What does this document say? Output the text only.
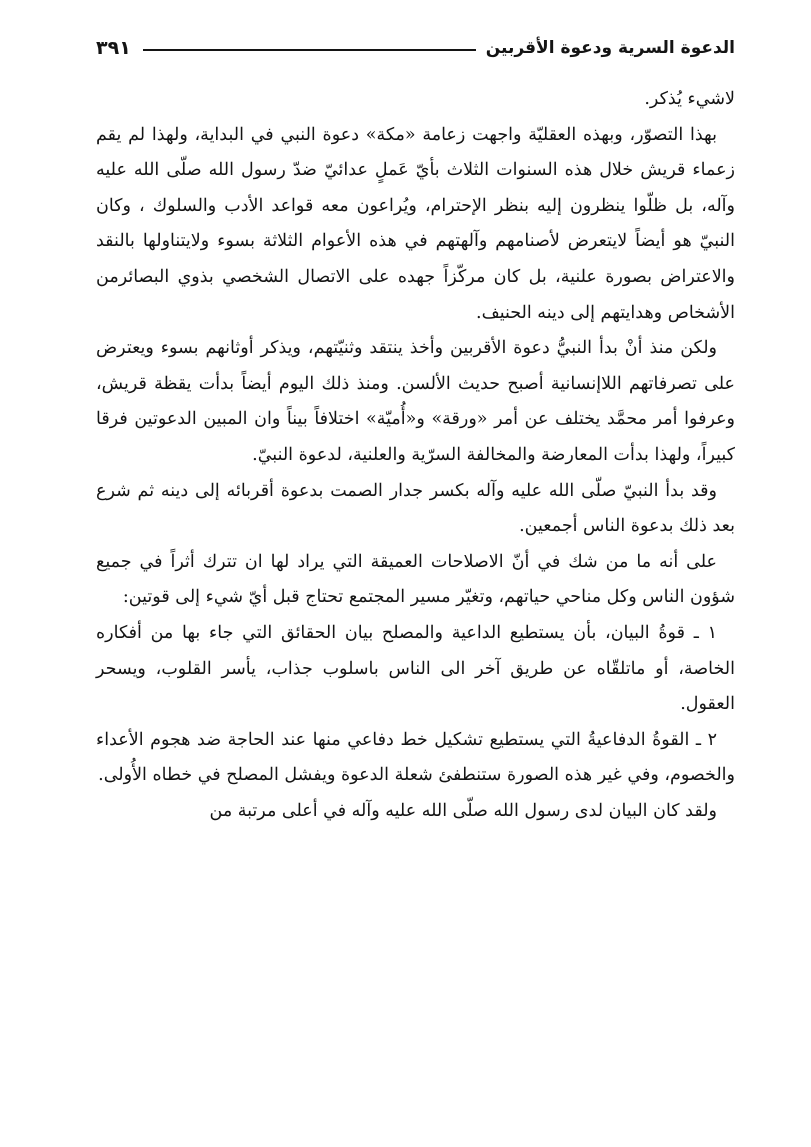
الدعوة السرية ودعوة الأقربين
٣٩١

لاشيء يُذكر.

بهذا التصوّر، وبهذه العقليّة واجهت زعامة «مكة» دعوة النبي في البداية، ولهذا لم يقم زعماء قريش خلال هذه السنوات الثلاث بأيّ عَملٍ عدائيّ ضدّ رسول الله صلّى الله عليه وآله، بل ظلّوا ينظرون إليه بنظر الإحترام، ويُراعون معه قواعد الأدب والسلوك ، وكان النبيّ هو أيضاً لايتعرض لأصنامهم وآلهتهم في هذه الأعوام الثلاثة بسوء ولايتناولها بالنقد والاعتراض بصورة علنية، بل كان مركّزاً جهده على الاتصال الشخصي بذوي البصائرمن الأشخاص وهدايتهم إلى دينه الحنيف.

ولكن منذ أنْ بدأ النبيُّ دعوة الأقربين وأخذ ينتقد وثنيّتهم، ويذكر أوثانهم بسوء ويعترض على تصرفاتهم اللاإنسانية أصبح حديث الألسن. ومنذ ذلك اليوم أيضاً بدأت يقظة قريش، وعرفوا أمر محمَّد يختلف عن أمر «ورقة» و«أُميّة» اختلافاً بيناً وان المبين الدعوتين فرقا كبيراً، ولهذا بدأت المعارضة والمخالفة السرّية والعلنية، لدعوة النبيّ.

وقد بدأ النبيّ صلّى الله عليه وآله بكسر جدار الصمت بدعوة أقربائه إلى دينه ثم شرع بعد ذلك بدعوة الناس أجمعين.

على أنه ما من شك في أنّ الاصلاحات العميقة التي يراد لها ان تترك أثراً في جميع شؤون الناس وكل مناحي حياتهم، وتغيّر مسير المجتمع تحتاج قبل أيّ شيء إلى قوتين:

١ ـ قوةُ البيان، بأن يستطيع الداعية والمصلح بيان الحقائق التي جاء بها من أفكاره الخاصة، أو ماتلقّاه عن طريق آخر الى الناس باسلوب جذاب، يأسر القلوب، ويسحر العقول.

٢ ـ القوةُ الدفاعيةُ التي يستطيع تشكيل خط دفاعي منها عند الحاجة ضد هجوم الأعداء والخصوم، وفي غير هذه الصورة ستنطفئ شعلة الدعوة ويفشل المصلح في خطاه الأُولى.

ولقد كان البيان لدى رسول الله صلّى الله عليه وآله في أعلى مرتبة من
